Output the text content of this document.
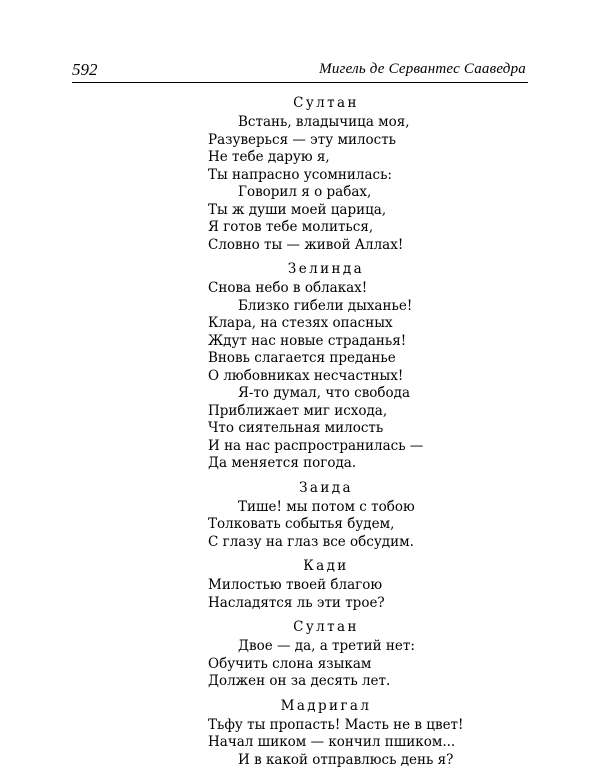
592	Мигель де Сервантес Сааведра
Султан
Встань, владычица моя,
Разуверься — эту милость
Не тебе дарую я,
Ты напрасно усомнилась:
Говорил я о рабах,
Ты ж души моей царица,
Я готов тебе молиться,
Словно ты — живой Аллах!
Зелинда
Снова небо в облаках!
Близко гибели дыханье!
Клара, на стезях опасных
Ждут нас новые страданья!
Вновь слагается преданье
О любовниках несчастных!
Я-то думал, что свобода
Приближает миг исхода,
Что сиятельная милость
И на нас распространилась —
Да меняется погода.
Заида
Тише! мы потом с тобою
Толковать событья будем,
С глазу на глаз все обсудим.
Кади
Милостью твоей благою
Насладятся ль эти трое?
Султан
Двое — да, а третий нет:
Обучить слона языкам
Должен он за десять лет.
Мадригал
Тьфу ты пропасть! Масть не в цвет!
Начал шиком — кончил пшиком...
И в какой отправлюсь день я?
